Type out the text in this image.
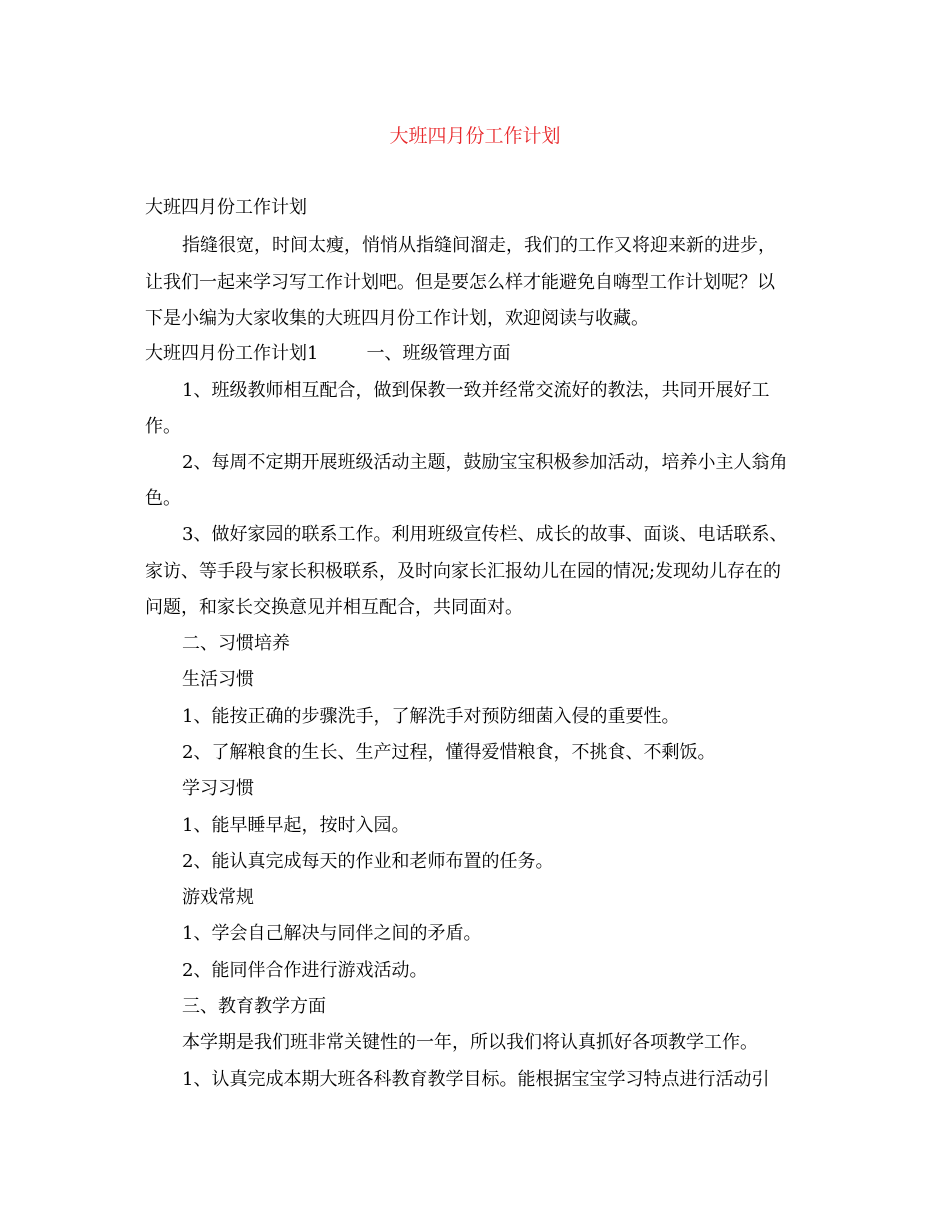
大班四月份工作计划
大班四月份工作计划
指缝很宽，时间太瘦，悄悄从指缝间溜走，我们的工作又将迎来新的进步，
让我们一起来学习写工作计划吧。但是要怎么样才能避免自嗨型工作计划呢？以
下是小编为大家收集的大班四月份工作计划，欢迎阅读与收藏。
大班四月份工作计划1	一、班级管理方面
1、班级教师相互配合，做到保教一致并经常交流好的教法，共同开展好工
作。
2、每周不定期开展班级活动主题，鼓励宝宝积极参加活动，培养小主人翁角
色。
3、做好家园的联系工作。利用班级宣传栏、成长的故事、面谈、电话联系、
家访、等手段与家长积极联系，及时向家长汇报幼儿在园的情况;发现幼儿存在的
问题，和家长交换意见并相互配合，共同面对。
二、习惯培养
生活习惯
1、能按正确的步骤洗手，了解洗手对预防细菌入侵的重要性。
2、了解粮食的生长、生产过程，懂得爱惜粮食，不挑食、不剩饭。
学习习惯
1、能早睡早起，按时入园。
2、能认真完成每天的作业和老师布置的任务。
游戏常规
1、学会自己解决与同伴之间的矛盾。
2、能同伴合作进行游戏活动。
三、教育教学方面
本学期是我们班非常关键性的一年，所以我们将认真抓好各项教学工作。
1、认真完成本期大班各科教育教学目标。能根据宝宝学习特点进行活动引
